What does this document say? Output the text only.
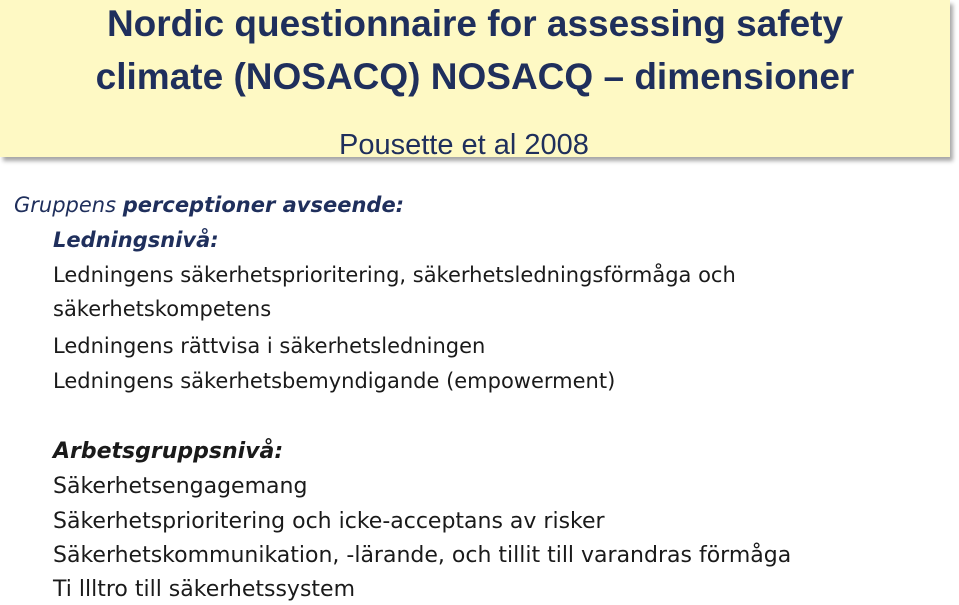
Nordic questionnaire for assessing safety
climate (NOSACQ) NOSACQ – dimensioner
Pousette et al 2008
Gruppens perceptioner avseende:
Ledningsnivå:
Ledningens säkerhetsprioritering, säkerhetsledningsförmåga och
säkerhetskompetens
Ledningens rättvisa i säkerhetsledningen
Ledningens säkerhetsbemyndigande (empowerment)
Arbetsgruppsnivå:
Säkerhetsengagemang
Säkerhetsprioritering och icke-acceptans av risker
Säkerhetskommunikation, -lärande, och tillit till varandras förmåga
Ti llltro till säkerhetssystem
